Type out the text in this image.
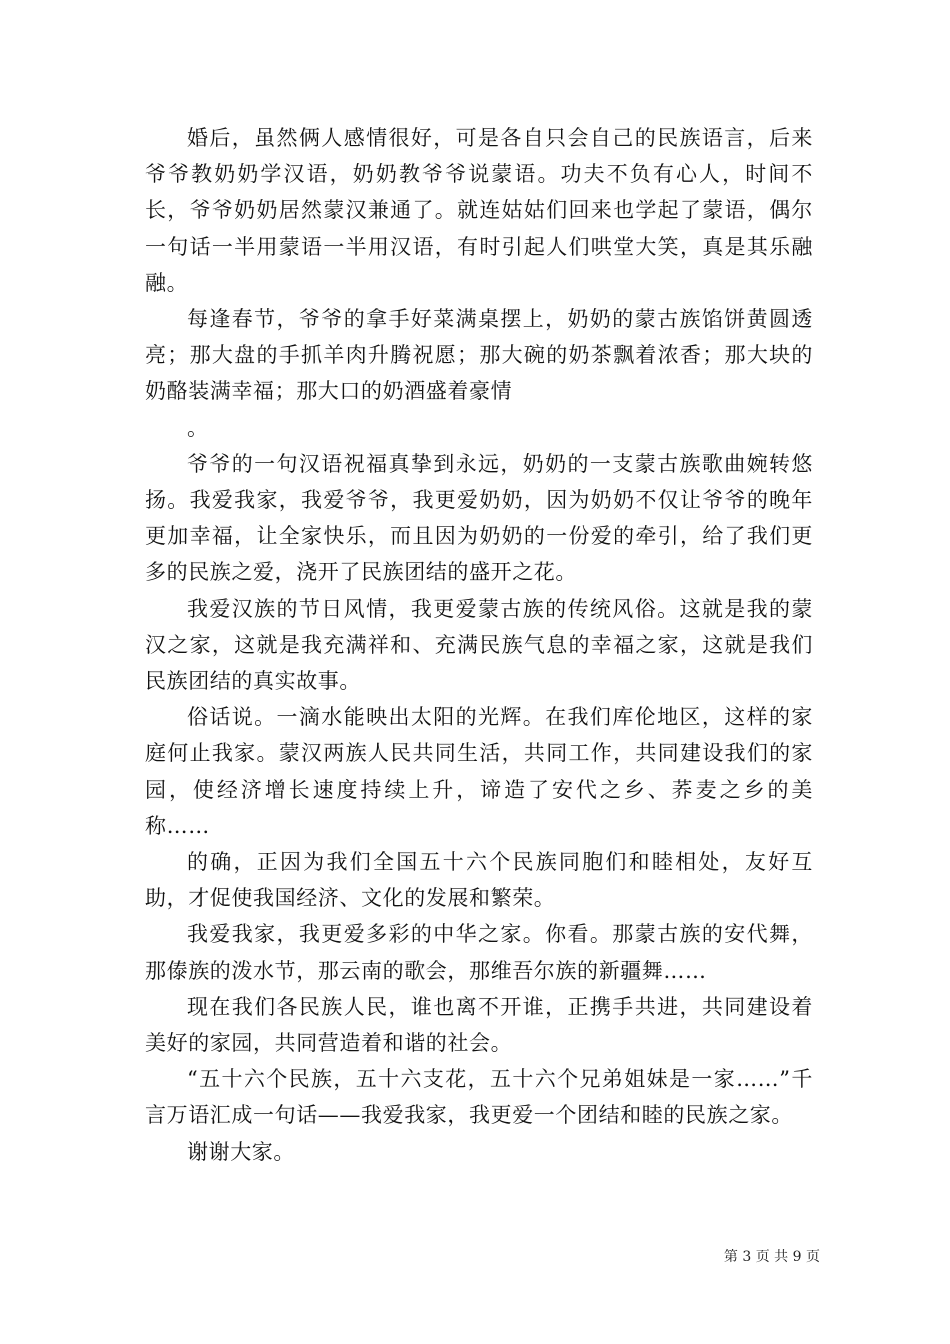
婚后，虽然俩人感情很好，可是各自只会自己的民族语言，后来爷爷教奶奶学汉语，奶奶教爷爷说蒙语。功夫不负有心人，时间不长，爷爷奶奶居然蒙汉兼通了。就连姑姑们回来也学起了蒙语，偶尔一句话一半用蒙语一半用汉语，有时引起人们哄堂大笑，真是其乐融融。

每逢春节，爷爷的拿手好菜满桌摆上，奶奶的蒙古族馅饼黄圆透亮；那大盘的手抓羊肉升腾祝愿；那大碗的奶茶飘着浓香；那大块的奶酪装满幸福；那大口的奶酒盛着豪情

。

爷爷的一句汉语祝福真挚到永远，奶奶的一支蒙古族歌曲婉转悠扬。我爱我家，我爱爷爷，我更爱奶奶，因为奶奶不仅让爷爷的晚年更加幸福，让全家快乐，而且因为奶奶的一份爱的牵引，给了我们更多的民族之爱，浇开了民族团结的盛开之花。

我爱汉族的节日风情，我更爱蒙古族的传统风俗。这就是我的蒙汉之家，这就是我充满祥和、充满民族气息的幸福之家，这就是我们民族团结的真实故事。

俗话说。一滴水能映出太阳的光辉。在我们库伦地区，这样的家庭何止我家。蒙汉两族人民共同生活，共同工作，共同建设我们的家园，使经济增长速度持续上升，谛造了安代之乡、荞麦之乡的美称……

的确，正因为我们全国五十六个民族同胞们和睦相处，友好互助，才促使我国经济、文化的发展和繁荣。

我爱我家，我更爱多彩的中华之家。你看。那蒙古族的安代舞，那傣族的泼水节，那云南的歌会，那维吾尔族的新疆舞……

现在我们各民族人民，谁也离不开谁，正携手共进，共同建设着美好的家园，共同营造着和谐的社会。

“五十六个民族，五十六支花，五十六个兄弟姐妹是一家……”千言万语汇成一句话——我爱我家，我更爱一个团结和睦的民族之家。

谢谢大家。

第 3 页 共 9 页
